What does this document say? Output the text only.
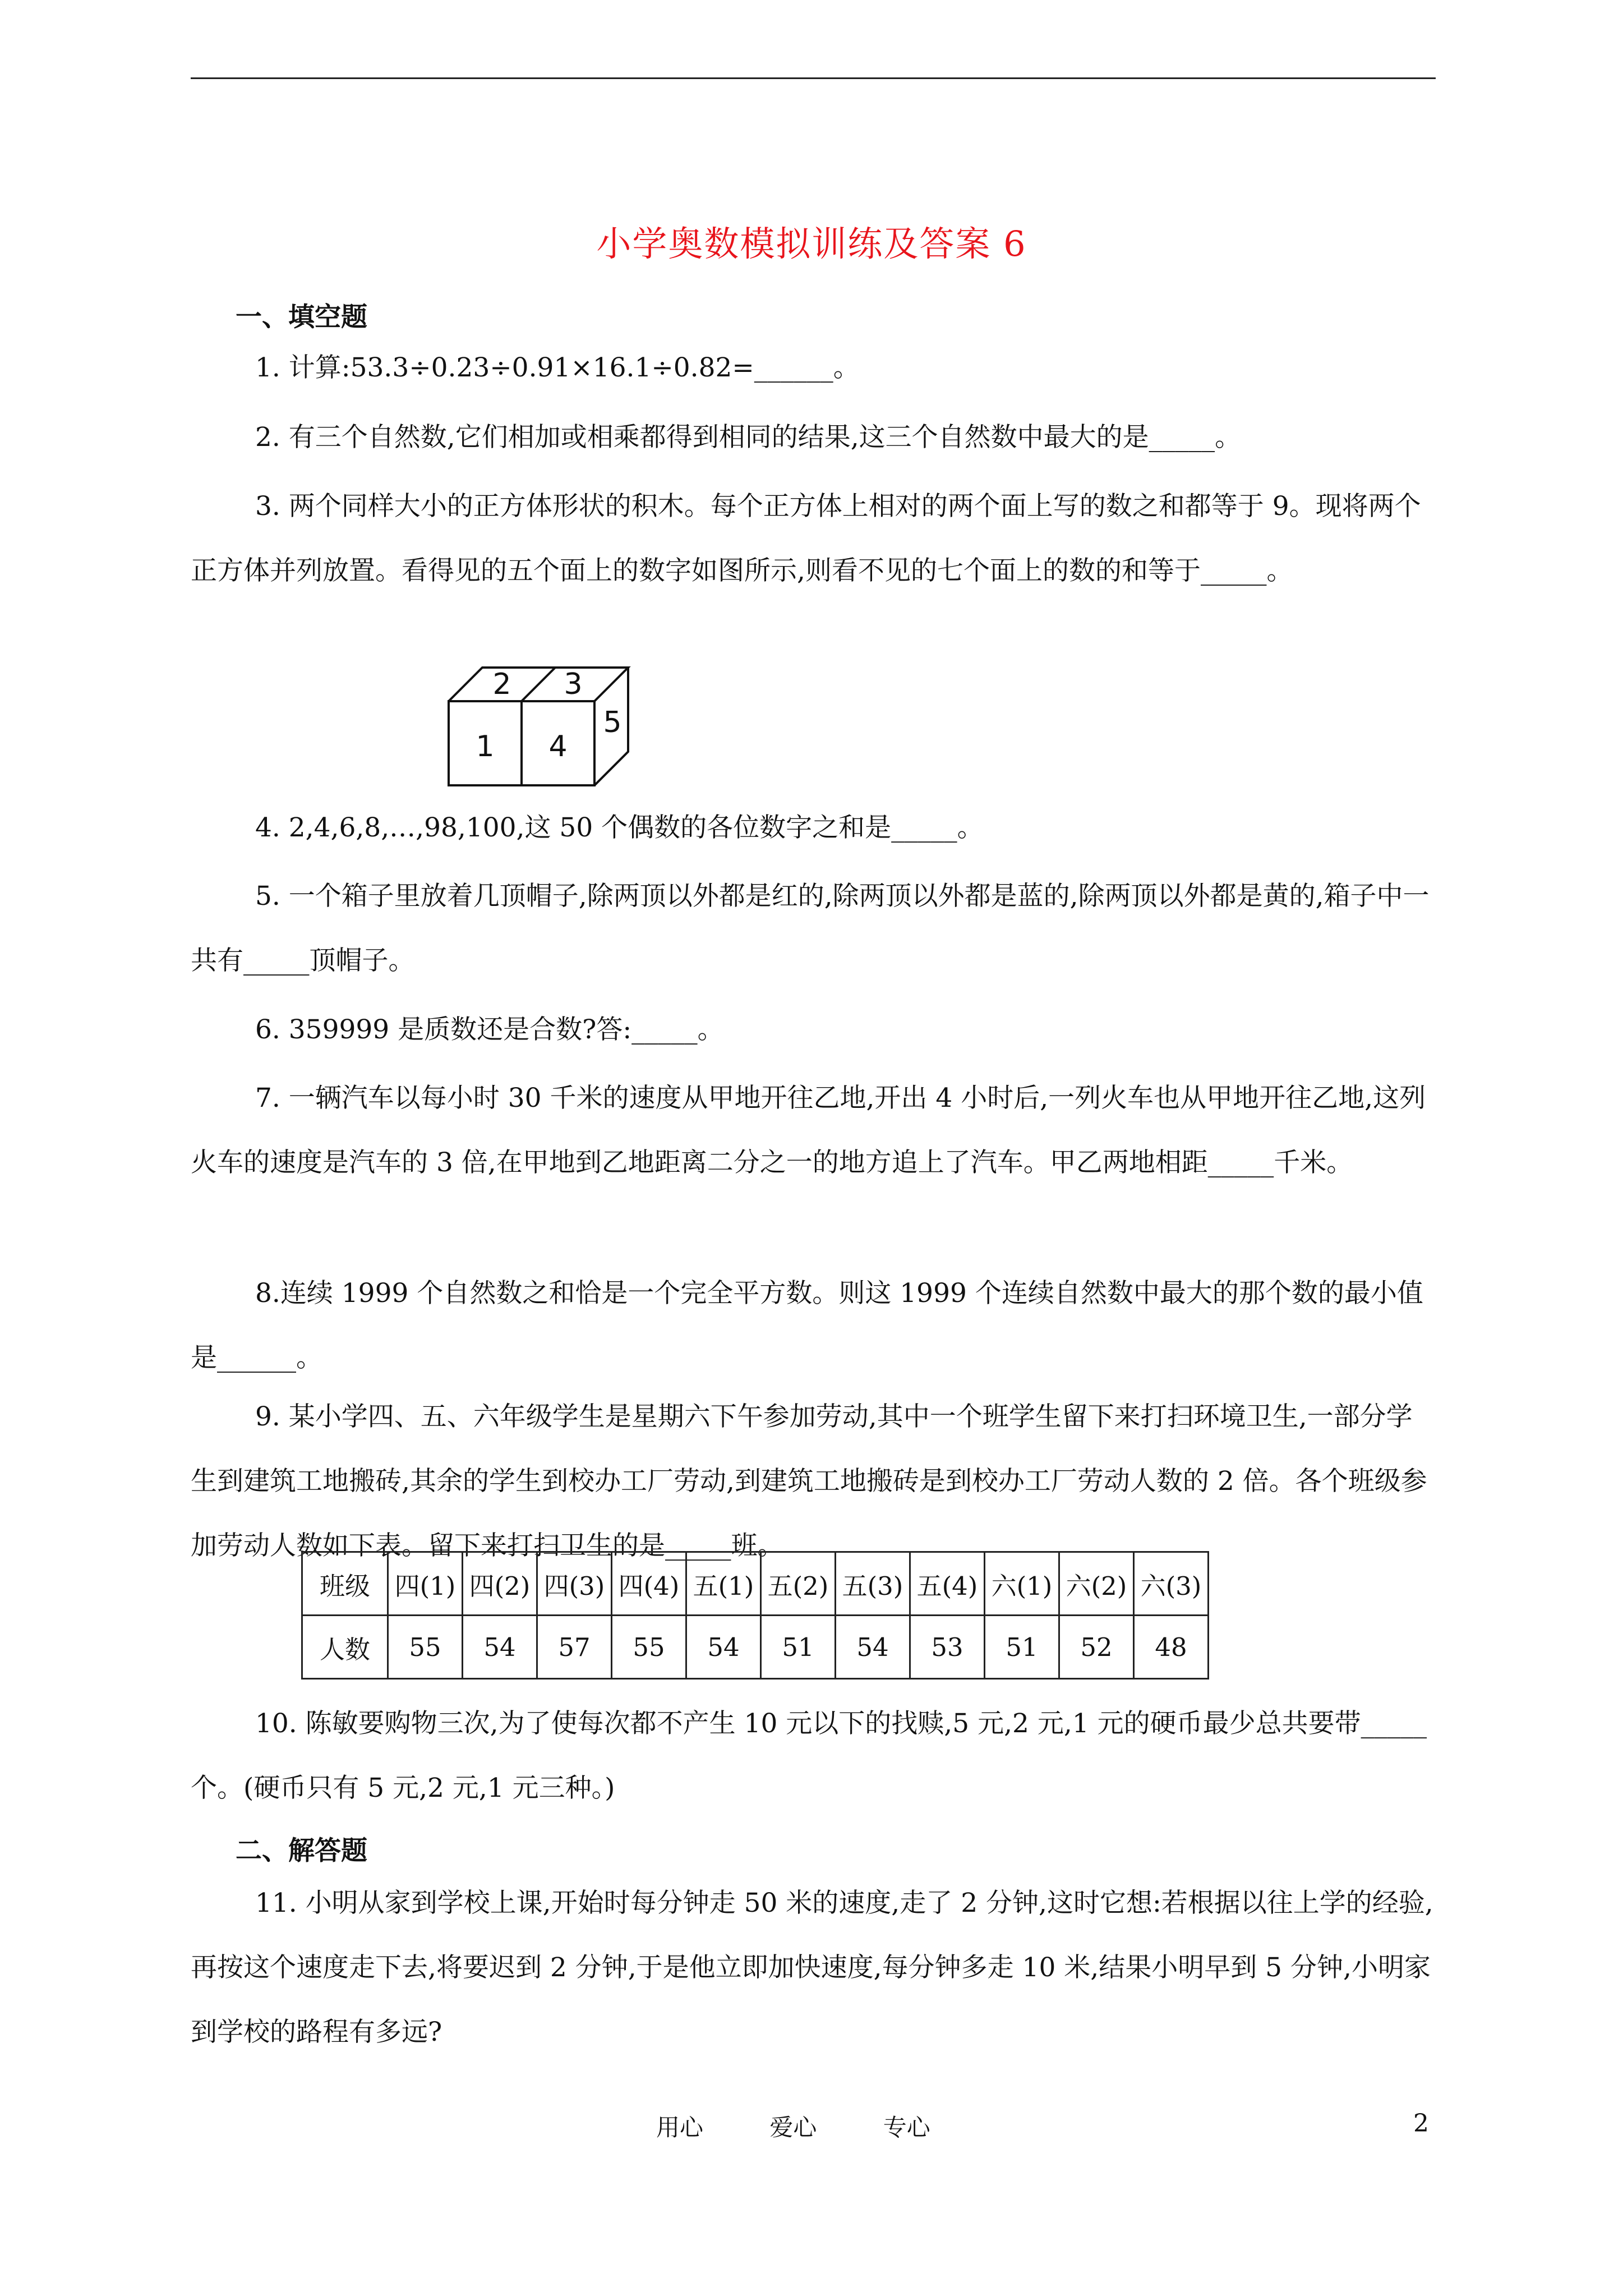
小学奥数模拟训练及答案 6
一、填空题

1. 计算:53.3÷0.23÷0.91×16.1÷0.82=______。

2. 有三个自然数,它们相加或相乘都得到相同的结果,这三个自然数中最大的是_____。

3. 两个同样大小的正方体形状的积木。每个正方体上相对的两个面上写的数之和都等于 9。现将两个正方体并列放置。看得见的五个面上的数字如图所示,则看不见的七个面上的数的和等于_____。

2 3
1 4
5

4. 2,4,6,8,…,98,100,这 50 个偶数的各位数字之和是_____。

5. 一个箱子里放着几顶帽子,除两顶以外都是红的,除两顶以外都是蓝的,除两顶以外都是黄的,箱子中一共有_____顶帽子。

6. 359999 是质数还是合数?答:_____。

7. 一辆汽车以每小时 30 千米的速度从甲地开往乙地,开出 4 小时后,一列火车也从甲地开往乙地,这列火车的速度是汽车的 3 倍,在甲地到乙地距离二分之一的地方追上了汽车。甲乙两地相距_____千米。

8.连续 1999 个自然数之和恰是一个完全平方数。则这 1999 个连续自然数中最大的那个数的最小值是______。

9. 某小学四、五、六年级学生是星期六下午参加劳动,其中一个班学生留下来打扫环境卫生,一部分学生到建筑工地搬砖,其余的学生到校办工厂劳动,到建筑工地搬砖是到校办工厂劳动人数的 2 倍。各个班级参加劳动人数如下表。留下来打扫卫生的是_____班。

班级	四(1)	四(2)	四(3)	四(4)	五(1)	五(2)	五(3)	五(4)	六(1)	六(2)	六(3)
人数	55	54	57	55	54	51	54	53	51	52	48

10. 陈敏要购物三次,为了使每次都不产生 10 元以下的找赎,5 元,2 元,1 元的硬币最少总共要带_____个。(硬币只有 5 元,2 元,1 元三种。)

二、解答题

11. 小明从家到学校上课,开始时每分钟走 50 米的速度,走了 2 分钟,这时它想:若根据以往上学的经验,再按这个速度走下去,将要迟到 2 分钟,于是他立即加快速度,每分钟多走 10 米,结果小明早到 5 分钟,小明家到学校的路程有多远?

用心	爱心	专心	2
